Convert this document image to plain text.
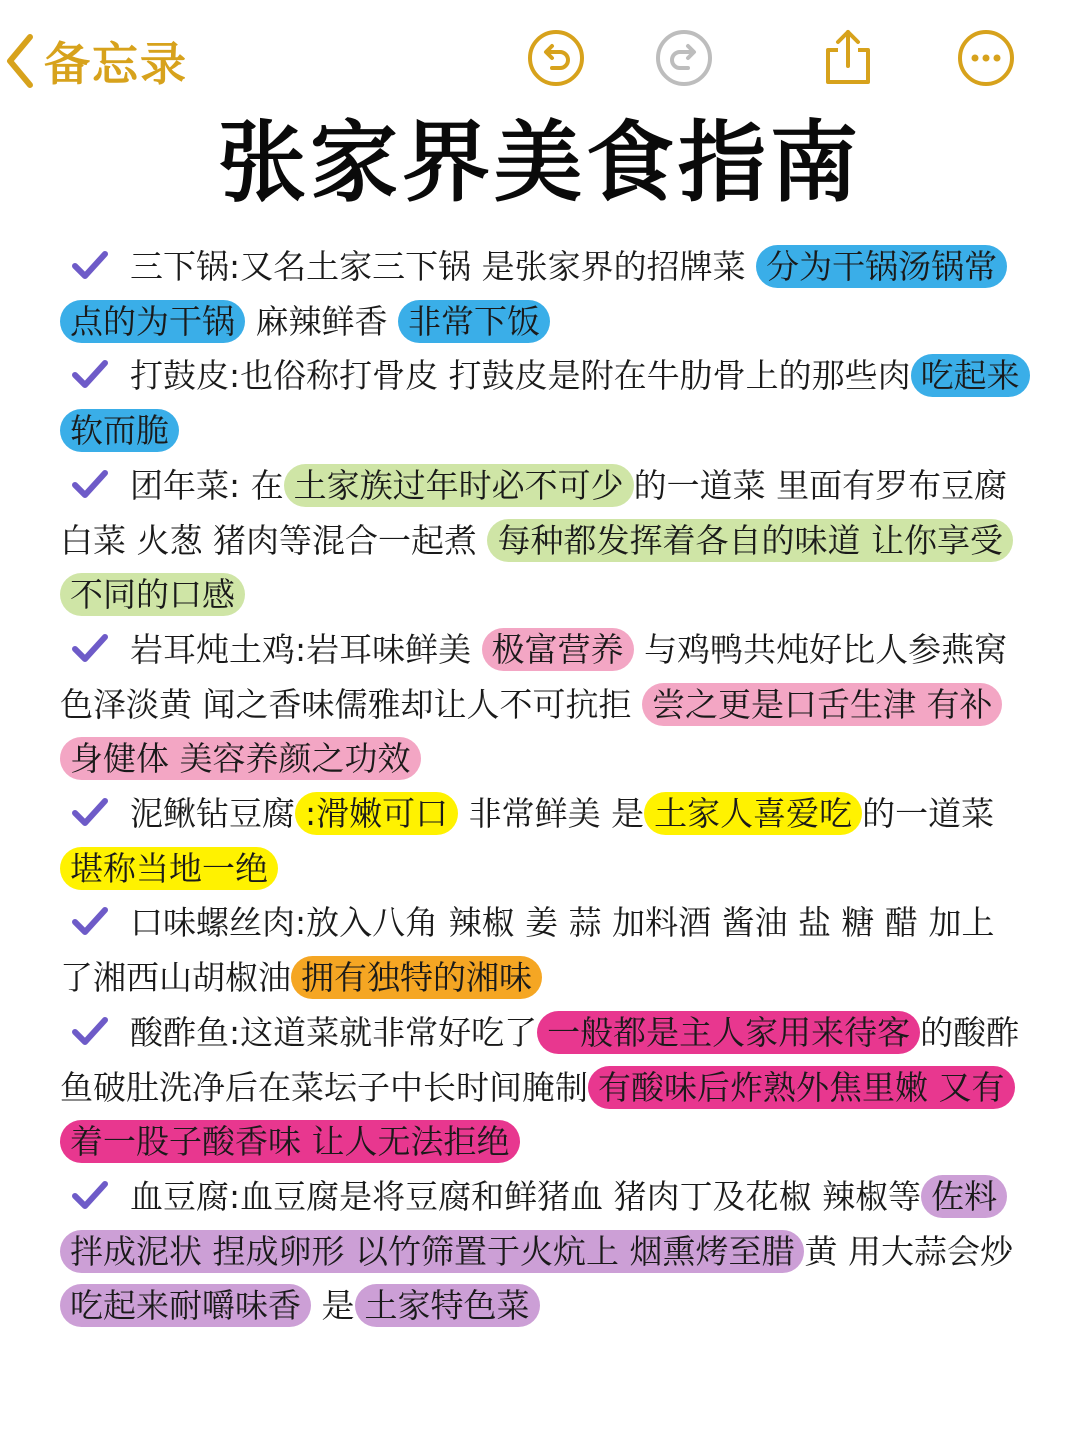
备忘录
张家界美食指南

三下锅:又名土家三下锅 是张家界的招牌菜 分为干锅汤锅常点的为干锅 麻辣鲜香 非常下饭

打鼓皮:也俗称打骨皮 打鼓皮是附在牛肋骨上的那些肉 吃起来软而脆

团年菜: 在 土家族过年时必不可少 的一道菜 里面有罗布豆腐白菜 火葱 猪肉等混合一起煮 每种都发挥着各自的味道 让你享受不同的口感

岩耳炖土鸡:岩耳味鲜美 极富营养 与鸡鸭共炖好比人参燕窝色泽淡黄 闻之香味儒雅却让人不可抗拒 尝之更是口舌生津 有补身健体 美容养颜之功效

泥鳅钻豆腐 :滑嫩可口 非常鲜美 是 土家人喜爱吃 的一道菜 堪称当地一绝

口味螺丝肉:放入八角 辣椒 姜 蒜 加料酒 酱油 盐 糖 醋 加上了湘西山胡椒油 拥有独特的湘味

酸酢鱼:这道菜就非常好吃了 一般都是主人家用来待客 的酸酢鱼破肚洗净后在菜坛子中长时间腌制 有酸味后炸熟外焦里嫩 又有着一股子酸香味 让人无法拒绝

血豆腐:血豆腐是将豆腐和鲜猪血 猪肉丁及花椒 辣椒等 佐料拌成泥状 捏成卵形 以竹筛置于火炕上 烟熏烤至腊 黄 用大蒜会炒吃起来耐嚼味香 是 土家特色菜
